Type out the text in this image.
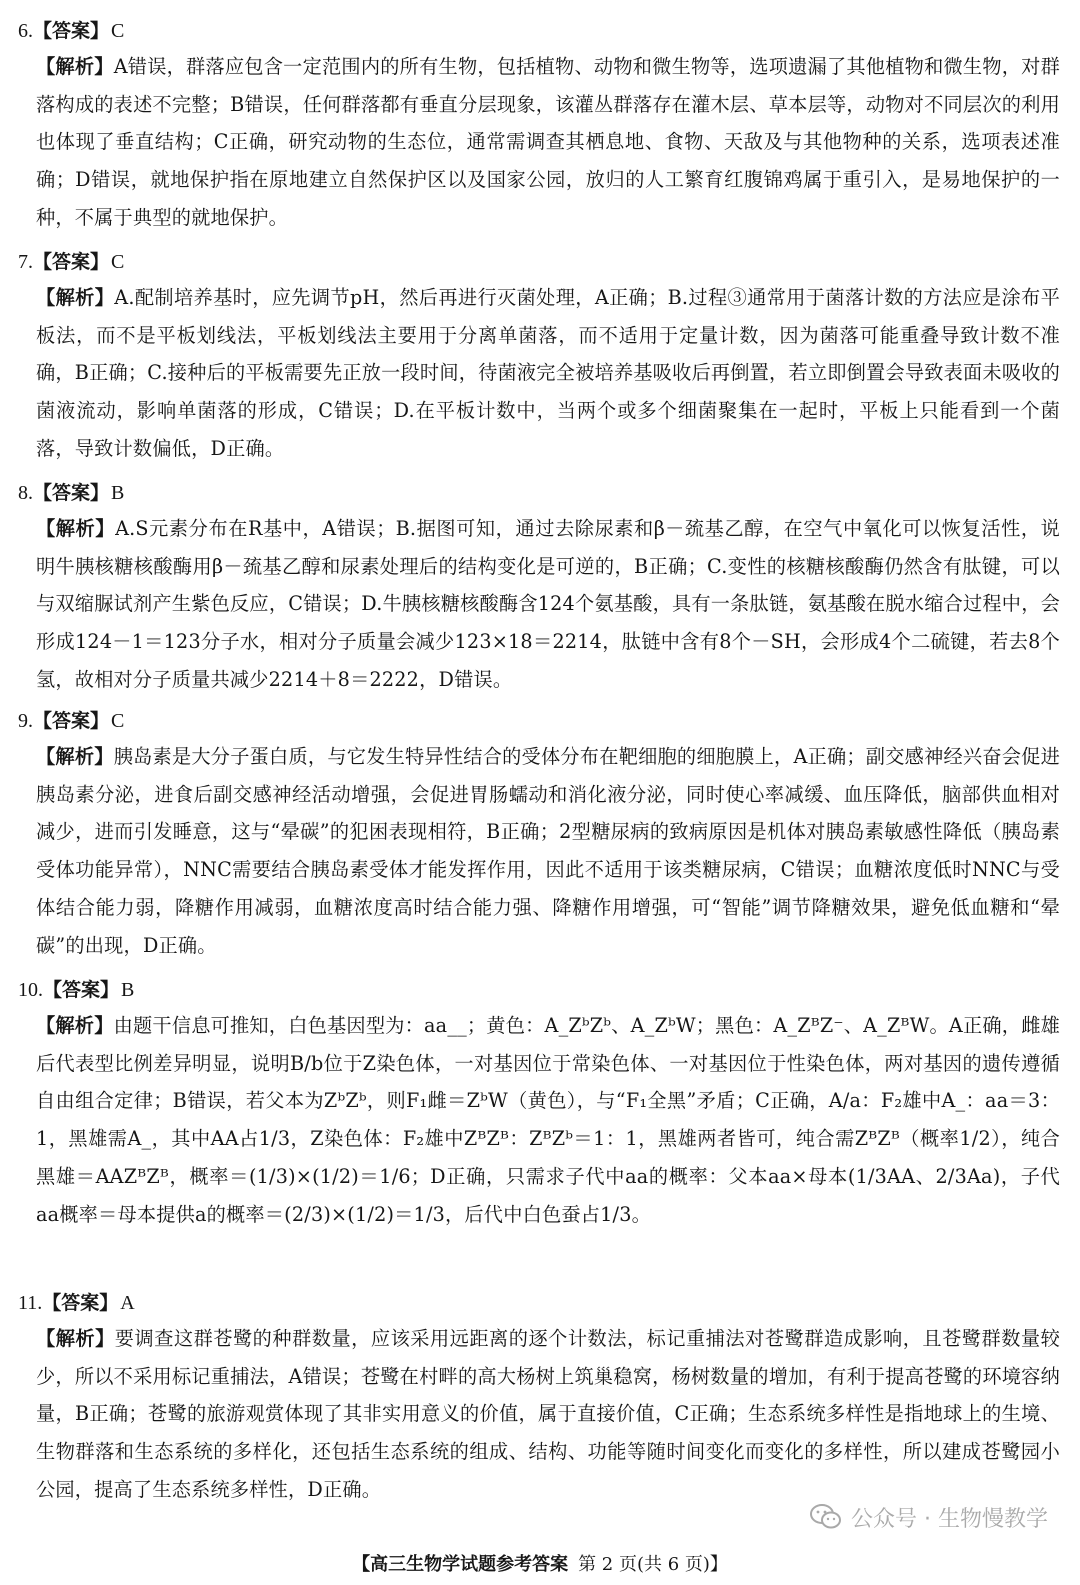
6.【答案】 C

【解析】A错误，群落应包含一定范围内的所有生物，包括植物、动物和微生物等，选项遗漏了其他植物和微生物，对群落构成的表述不完整；B错误，任何群落都有垂直分层现象，该灌丛群落存在灌木层、草本层等，动物对不同层次的利用也体现了垂直结构；C正确，研究动物的生态位，通常需调查其栖息地、食物、天敌及与其他物种的关系，选项表述准确；D错误，就地保护指在原地建立自然保护区以及国家公园，放归的人工繁育红腹锦鸡属于重引入，是易地保护的一种，不属于典型的就地保护。

7.【答案】 C

【解析】A.配制培养基时，应先调节pH，然后再进行灭菌处理，A正确；B.过程③通常用于菌落计数的方法应是涂布平板法，而不是平板划线法，平板划线法主要用于分离单菌落，而不适用于定量计数，因为菌落可能重叠导致计数不准确，B正确；C.接种后的平板需要先正放一段时间，待菌液完全被培养基吸收后再倒置，若立即倒置会导致表面未吸收的菌液流动，影响单菌落的形成，C错误；D.在平板计数中，当两个或多个细菌聚集在一起时，平板上只能看到一个菌落，导致计数偏低，D正确。

8.【答案】 B

【解析】A.S元素分布在R基中，A错误；B.据图可知，通过去除尿素和β－巯基乙醇，在空气中氧化可以恢复活性，说明牛胰核糖核酸酶用β－巯基乙醇和尿素处理后的结构变化是可逆的，B正确；C.变性的核糖核酸酶仍然含有肽键，可以与双缩脲试剂产生紫色反应，C错误；D.牛胰核糖核酸酶含124个氨基酸，具有一条肽链，氨基酸在脱水缩合过程中，会形成124－1＝123分子水，相对分子质量会减少123×18＝2214，肽链中含有8个－SH，会形成4个二硫键，若去8个氢，故相对分子质量共减少2214＋8＝2222，D错误。

9.【答案】 C

【解析】胰岛素是大分子蛋白质，与它发生特异性结合的受体分布在靶细胞的细胞膜上，A正确；副交感神经兴奋会促进胰岛素分泌，进食后副交感神经活动增强，会促进胃肠蠕动和消化液分泌，同时使心率减缓、血压降低，脑部供血相对减少，进而引发睡意，这与“晕碳”的犯困表现相符，B正确；2型糖尿病的致病原因是机体对胰岛素敏感性降低（胰岛素受体功能异常），NNC需要结合胰岛素受体才能发挥作用，因此不适用于该类糖尿病，C错误；血糖浓度低时NNC与受体结合能力弱，降糖作用减弱，血糖浓度高时结合能力强、降糖作用增强，可“智能”调节降糖效果，避免低血糖和“晕碳”的出现，D正确。

10.【答案】 B

【解析】由题干信息可推知，白色基因型为：aa__；黄色：A_ZᵇZᵇ、A_ZᵇW；黑色：A_ZᴮZ⁻、A_ZᴮW。A正确，雌雄后代表型比例差异明显，说明B/b位于Z染色体，一对基因位于常染色体、一对基因位于性染色体，两对基因的遗传遵循自由组合定律；B错误，若父本为ZᵇZᵇ，则F₁雌＝ZᵇW（黄色），与“F₁全黑”矛盾；C正确，A/a：F₂雄中A_：aa＝3：1，黑雄需A_，其中AA占1/3，Z染色体：F₂雄中ZᴮZᴮ：ZᴮZᵇ＝1：1，黑雄两者皆可，纯合需ZᴮZᴮ（概率1/2），纯合黑雄＝AAZᴮZᴮ，概率＝(1/3)×(1/2)＝1/6；D正确，只需求子代中aa的概率：父本aa×母本(1/3AA、2/3Aa)，子代aa概率＝母本提供a的概率＝(2/3)×(1/2)＝1/3，后代中白色蚕占1/3。

11.【答案】 A

【解析】要调查这群苍鹭的种群数量，应该采用远距离的逐个计数法，标记重捕法对苍鹭群造成影响，且苍鹭群数量较少，所以不采用标记重捕法，A错误；苍鹭在村畔的高大杨树上筑巢稳窝，杨树数量的增加，有利于提高苍鹭的环境容纳量，B正确；苍鹭的旅游观赏体现了其非实用意义的价值，属于直接价值，C正确；生态系统多样性是指地球上的生境、生物群落和生态系统的多样化，还包括生态系统的组成、结构、功能等随时间变化而变化的多样性，所以建成苍鹭园小公园，提高了生态系统多样性，D正确。

公众号 · 生物慢教学
【高三生物学试题参考答案 第 2 页(共 6 页)】
